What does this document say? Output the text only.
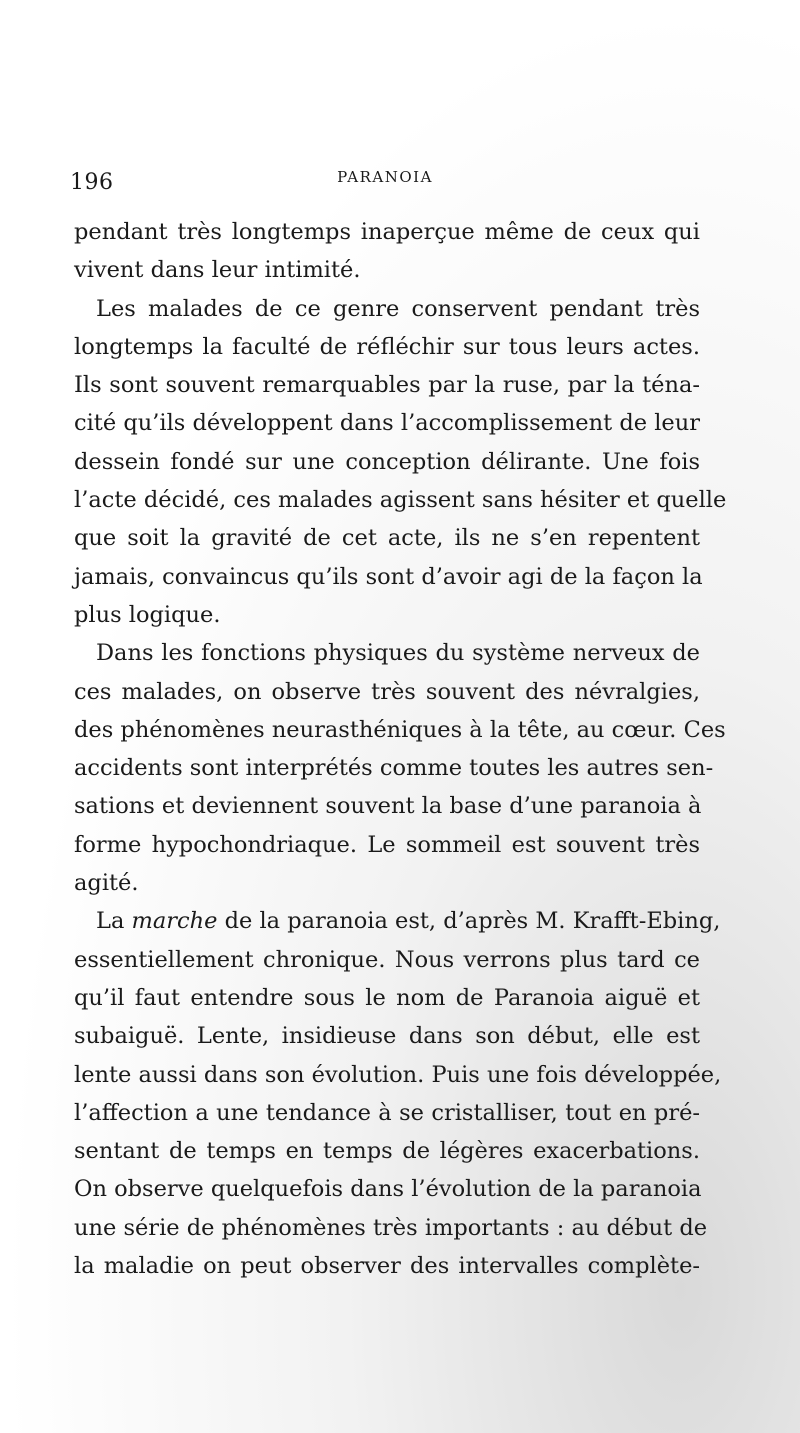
196	PARANOIA
pendant très longtemps inaperçue même de ceux qui
vivent dans leur intimité.
Les malades de ce genre conservent pendant très
longtemps la faculté de réfléchir sur tous leurs actes.
Ils sont souvent remarquables par la ruse, par la téna-
cité qu’ils développent dans l’accomplissement de leur
dessein fondé sur une conception délirante. Une fois
l’acte décidé, ces malades agissent sans hésiter et quelle
que soit la gravité de cet acte, ils ne s’en repentent
jamais, convaincus qu’ils sont d’avoir agi de la façon la
plus logique.
Dans les fonctions physiques du système nerveux de
ces malades, on observe très souvent des névralgies,
des phénomènes neurasthéniques à la tête, au cœur. Ces
accidents sont interprétés comme toutes les autres sen-
sations et deviennent souvent la base d’une paranoia à
forme hypochondriaque. Le sommeil est souvent très
agité.
La marche de la paranoia est, d’après M. Krafft-Ebing,
essentiellement chronique. Nous verrons plus tard ce
qu’il faut entendre sous le nom de Paranoia aiguë et
subaiguë. Lente, insidieuse dans son début, elle est
lente aussi dans son évolution. Puis une fois développée,
l’affection a une tendance à se cristalliser, tout en pré-
sentant de temps en temps de légères exacerbations.
On observe quelquefois dans l’évolution de la paranoia
une série de phénomènes très importants : au début de
la maladie on peut observer des intervalles complète-
